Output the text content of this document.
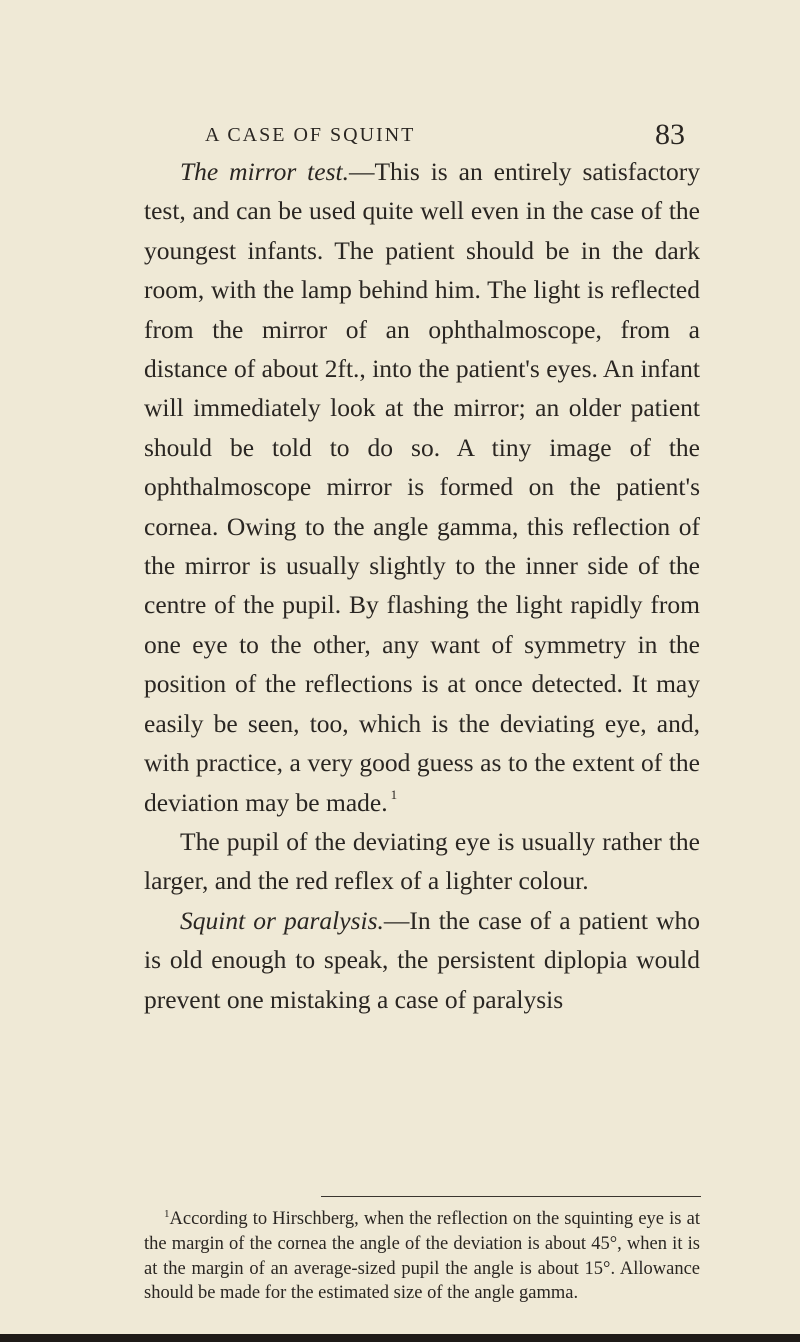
A CASE OF SQUINT	83

The mirror test.—This is an entirely satisfactory test, and can be used quite well even in the case of the youngest infants. The patient should be in the dark room, with the lamp behind him. The light is reflected from the mirror of an ophthalmoscope, from a distance of about 2ft., into the patient's eyes. An infant will immediately look at the mirror; an older patient should be told to do so. A tiny image of the ophthalmoscope mirror is formed on the patient's cornea. Owing to the angle gamma, this reflection of the mirror is usually slightly to the inner side of the centre of the pupil. By flashing the light rapidly from one eye to the other, any want of symmetry in the position of the reflections is at once detected. It may easily be seen, too, which is the deviating eye, and, with practice, a very good guess as to the extent of the deviation may be made. $^1$

The pupil of the deviating eye is usually rather the larger, and the red reflex of a lighter colour.

Squint or paralysis.—In the case of a patient who is old enough to speak, the persistent diplopia would prevent one mistaking a case of paralysis

$^1$According to Hirschberg, when the reflection on the squinting eye is at the margin of the cornea the angle of the deviation is about 45°, when it is at the margin of an average-sized pupil the angle is about 15°. Allowance should be made for the estimated size of the angle gamma.
